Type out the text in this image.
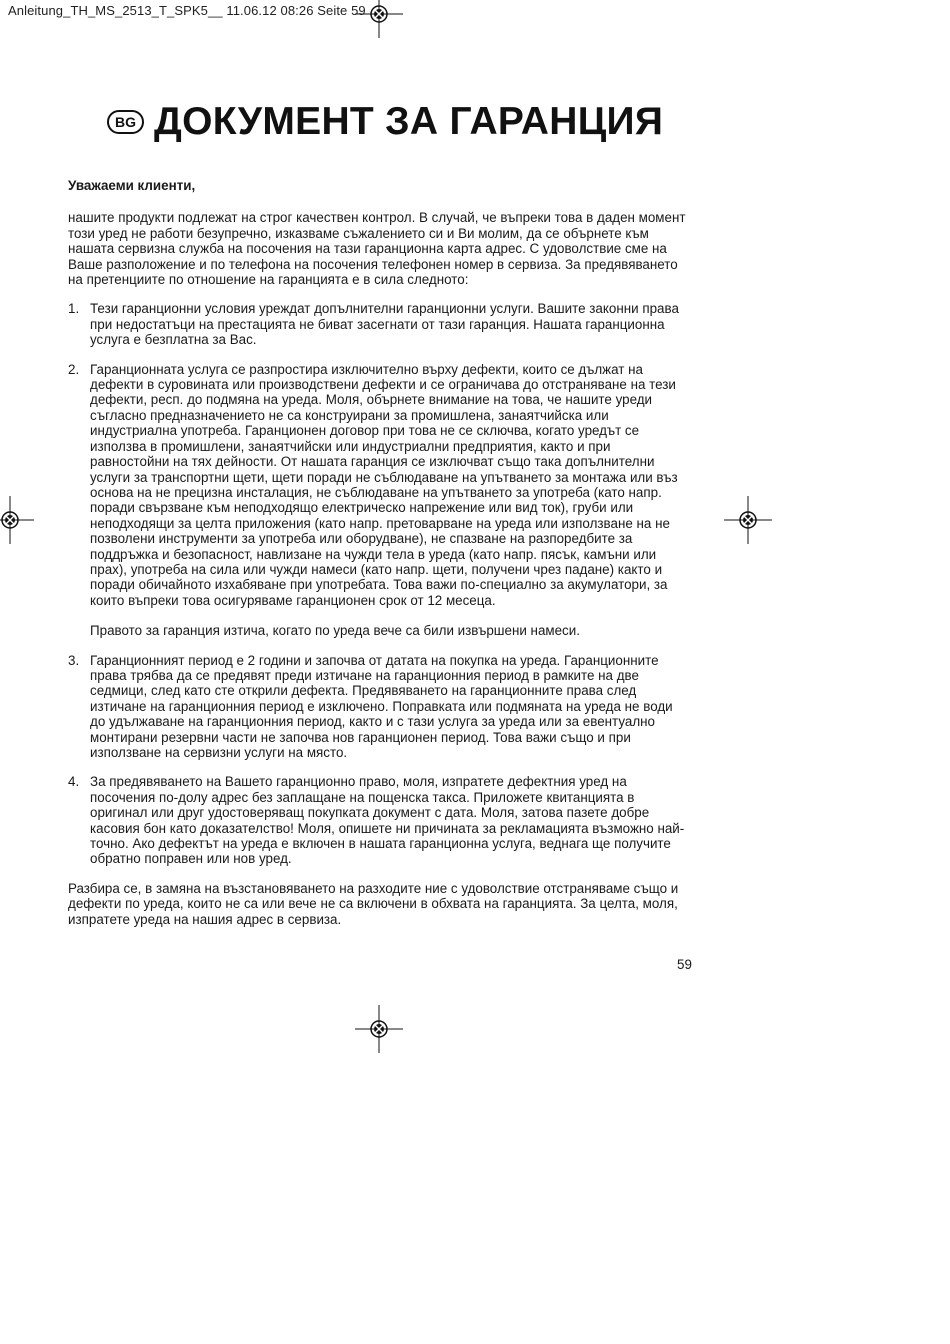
Anleitung_TH_MS_2513_T_SPK5__ 11.06.12 08:26 Seite 59
BG ДОКУМЕНТ ЗА ГАРАНЦИЯ

Уважаеми клиенти,

нашите продукти подлежат на строг качествен контрол. В случай, че въпреки това в даден момент този уред не работи безупречно, изказваме съжалението си и Ви молим, да се обърнете към нашата сервизна служба на посочения на тази гаранционна карта адрес. С удоволствие сме на Ваше разположение и по телефона на посочения телефонен номер в сервиза. За предявяването на претенциите по отношение на гаранцията е в сила следното:

1. Тези гаранционни условия уреждат допълнителни гаранционни услуги. Вашите законни права при недостатъци на престацията не биват засегнати от тази гаранция. Нашата гаранционна услуга е безплатна за Вас.
2. Гаранционната услуга се разпростира изключително върху дефекти, които се дължат на дефекти в суровината или производствени дефекти и се ограничава до отстраняване на тези дефекти, респ. до подмяна на уреда. Моля, обърнете внимание на това, че нашите уреди съгласно предназначението не са конструирани за промишлена, занаятчийска или индустриална употреба. Гаранционен договор при това не се сключва, когато уредът се използва в промишлени, занаятчийски или индустриални предприятия, както и при равностойни на тях дейности. От нашата гаранция се изключват също така допълнителни услуги за транспортни щети, щети поради не съблюдаване на упътването за монтажа или въз основа на не прецизна инсталация, не съблюдаване на упътването за употреба (като напр. поради свързване към неподходящо електрическо напрежение или вид ток), груби или неподходящи за целта приложения (като напр. претоварване на уреда или използване на не позволени инструменти за употреба или оборудване), не спазване на разпоредбите за поддръжка и безопасност, навлизане на чужди тела в уреда (като напр. пясък, камъни или прах), употреба на сила или чужди намеси (като напр. щети, получени чрез падане) както и поради обичайното изхабяване при употребата. Това важи по-специално за акумулатори, за които въпреки това осигуряваме гаранционен срок от 12 месеца.
Правото за гаранция изтича, когато по уреда вече са били извършени намеси.
3. Гаранционният период е 2 години и започва от датата на покупка на уреда. Гаранционните права трябва да се предявят преди изтичане на гаранционния период в рамките на две седмици, след като сте открили дефекта. Предявяването на гаранционните права след изтичане на гаранционния период е изключено. Поправката или подмяната на уреда не води до удължаване на гаранционния период, както и с тази услуга за уреда или за евентуално монтирани резервни части не започва нов гаранционен период. Това важи също и при използване на сервизни услуги на място.
4. За предявяването на Вашето гаранционно право, моля, изпратете дефектния уред на посочения по-долу адрес без заплащане на пощенска такса. Приложете квитанцията в оригинал или друг удостоверяващ покупката документ с дата. Моля, затова пазете добре касовия бон като доказателство! Моля, опишете ни причината за рекламацията възможно най-точно. Ако дефектът на уреда е включен в нашата гаранционна услуга, веднага ще получите обратно поправен или нов уред.

Разбира се, в замяна на възстановяването на разходите ние с удоволствие отстраняваме също и дефекти по уреда, които не са или вече не са включени в обхвата на гаранцията. За целта, моля, изпратете уреда на нашия адрес в сервиза.

59
